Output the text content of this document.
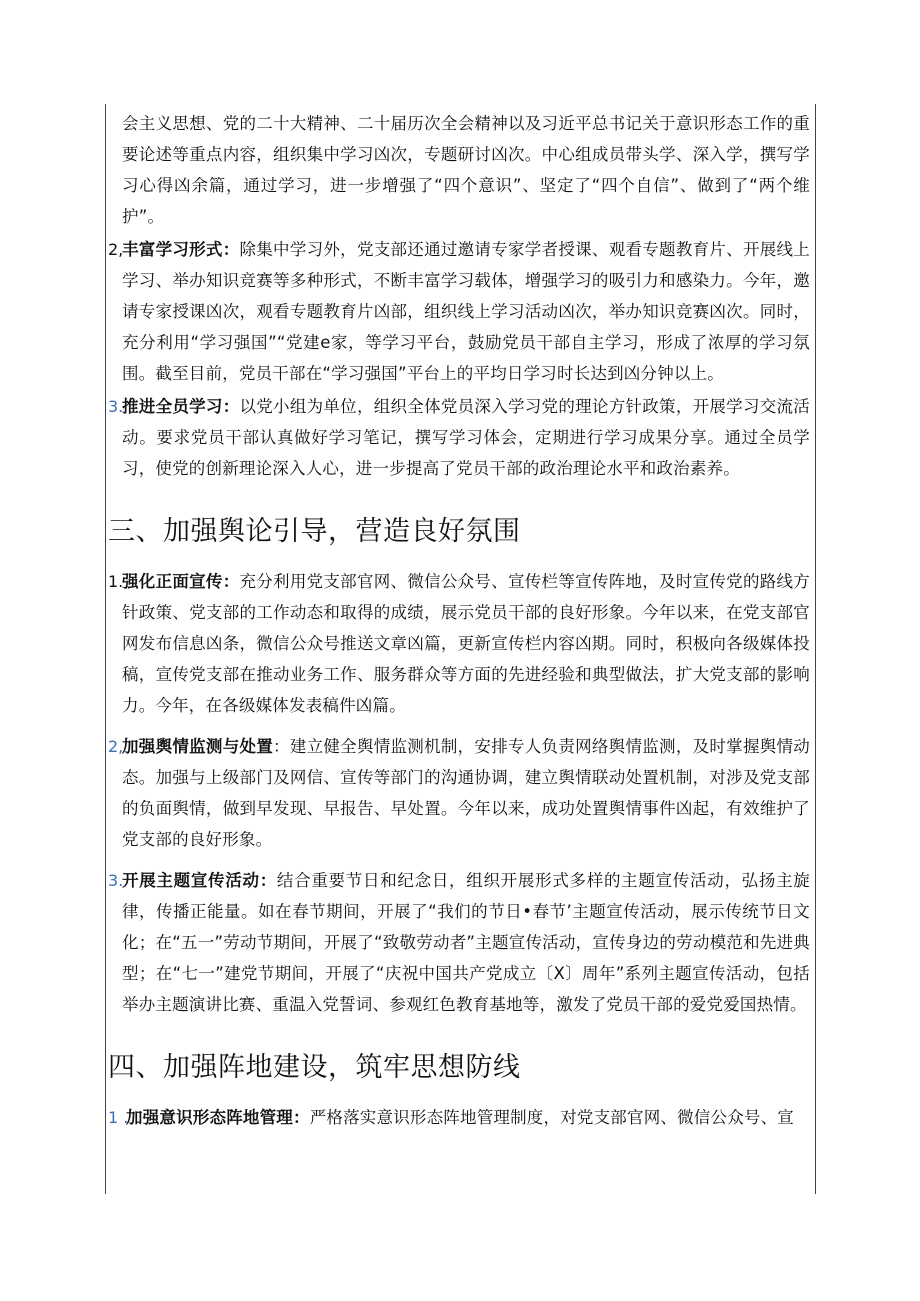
会主义思想、党的二十大精神、二十届历次全会精神以及习近平总书记关于意识形态工作的重要论述等重点内容，组织集中学习凶次，专题研讨凶次。中心组成员带头学、深入学，撰写学习心得凶余篇，通过学习，进一步增强了“四个意识”、坚定了“四个自信”、做到了“两个维护”。

2,

丰富学习形式：除集中学习外，党支部还通过邀请专家学者授课、观看专题教育片、开展线上学习、举办知识竞赛等多种形式，不断丰富学习载体，增强学习的吸引力和感染力。今年，邀请专家授课凶次，观看专题教育片凶部，组织线上学习活动凶次，举办知识竞赛凶次。同时，充分利用“学习强国”“党建e家，等学习平台，鼓励党员干部自主学习，形成了浓厚的学习氛围。截至目前，党员干部在“学习强国”平台上的平均日学习时长达到凶分钟以上。

3.

推进全员学习：以党小组为单位，组织全体党员深入学习党的理论方针政策，开展学习交流活动。要求党员干部认真做好学习笔记，撰写学习体会，定期进行学习成果分享。通过全员学习，使党的创新理论深入人心，进一步提高了党员干部的政治理论水平和政治素养。

三、加强舆论引导，营造良好氛围
1.

强化正面宣传：充分利用党支部官网、微信公众号、宣传栏等宣传阵地，及时宣传党的路线方针政策、党支部的工作动态和取得的成绩，展示党员干部的良好形象。今年以来，在党支部官网发布信息凶条，微信公众号推送文章凶篇，更新宣传栏内容凶期。同时，积极向各级媒体投稿，宣传党支部在推动业务工作、服务群众等方面的先进经验和典型做法，扩大党支部的影响力。今年，在各级媒体发表稿件凶篇。

2,

加强舆情监测与处置：建立健全舆情监测机制，安排专人负责网络舆情监测，及时掌握舆情动态。加强与上级部门及网信、宣传等部门的沟通协调，建立舆情联动处置机制，对涉及党支部的负面舆情，做到早发现、早报告、早处置。今年以来，成功处置舆情事件凶起，有效维护了党支部的良好形象。

3.

开展主题宣传活动：结合重要节日和纪念日，组织开展形式多样的主题宣传活动，弘扬主旋律，传播正能量。如在春节期间，开展了“我们的节日•春节’主题宣传活动，展示传统节日文化；在“五一”劳动节期间，开展了“致敬劳动者”主题宣传活动，宣传身边的劳动模范和先进典型；在“七一”建党节期间，开展了“庆祝中国共产党成立〔X〕周年”系列主题宣传活动，包括举办主题演讲比赛、重温入党誓词、参观红色教育基地等，激发了党员干部的爱党爱国热情。

四、加强阵地建设，筑牢思想防线
1 .

加强意识形态阵地管理：严格落实意识形态阵地管理制度，对党支部官网、微信公众号、宣
